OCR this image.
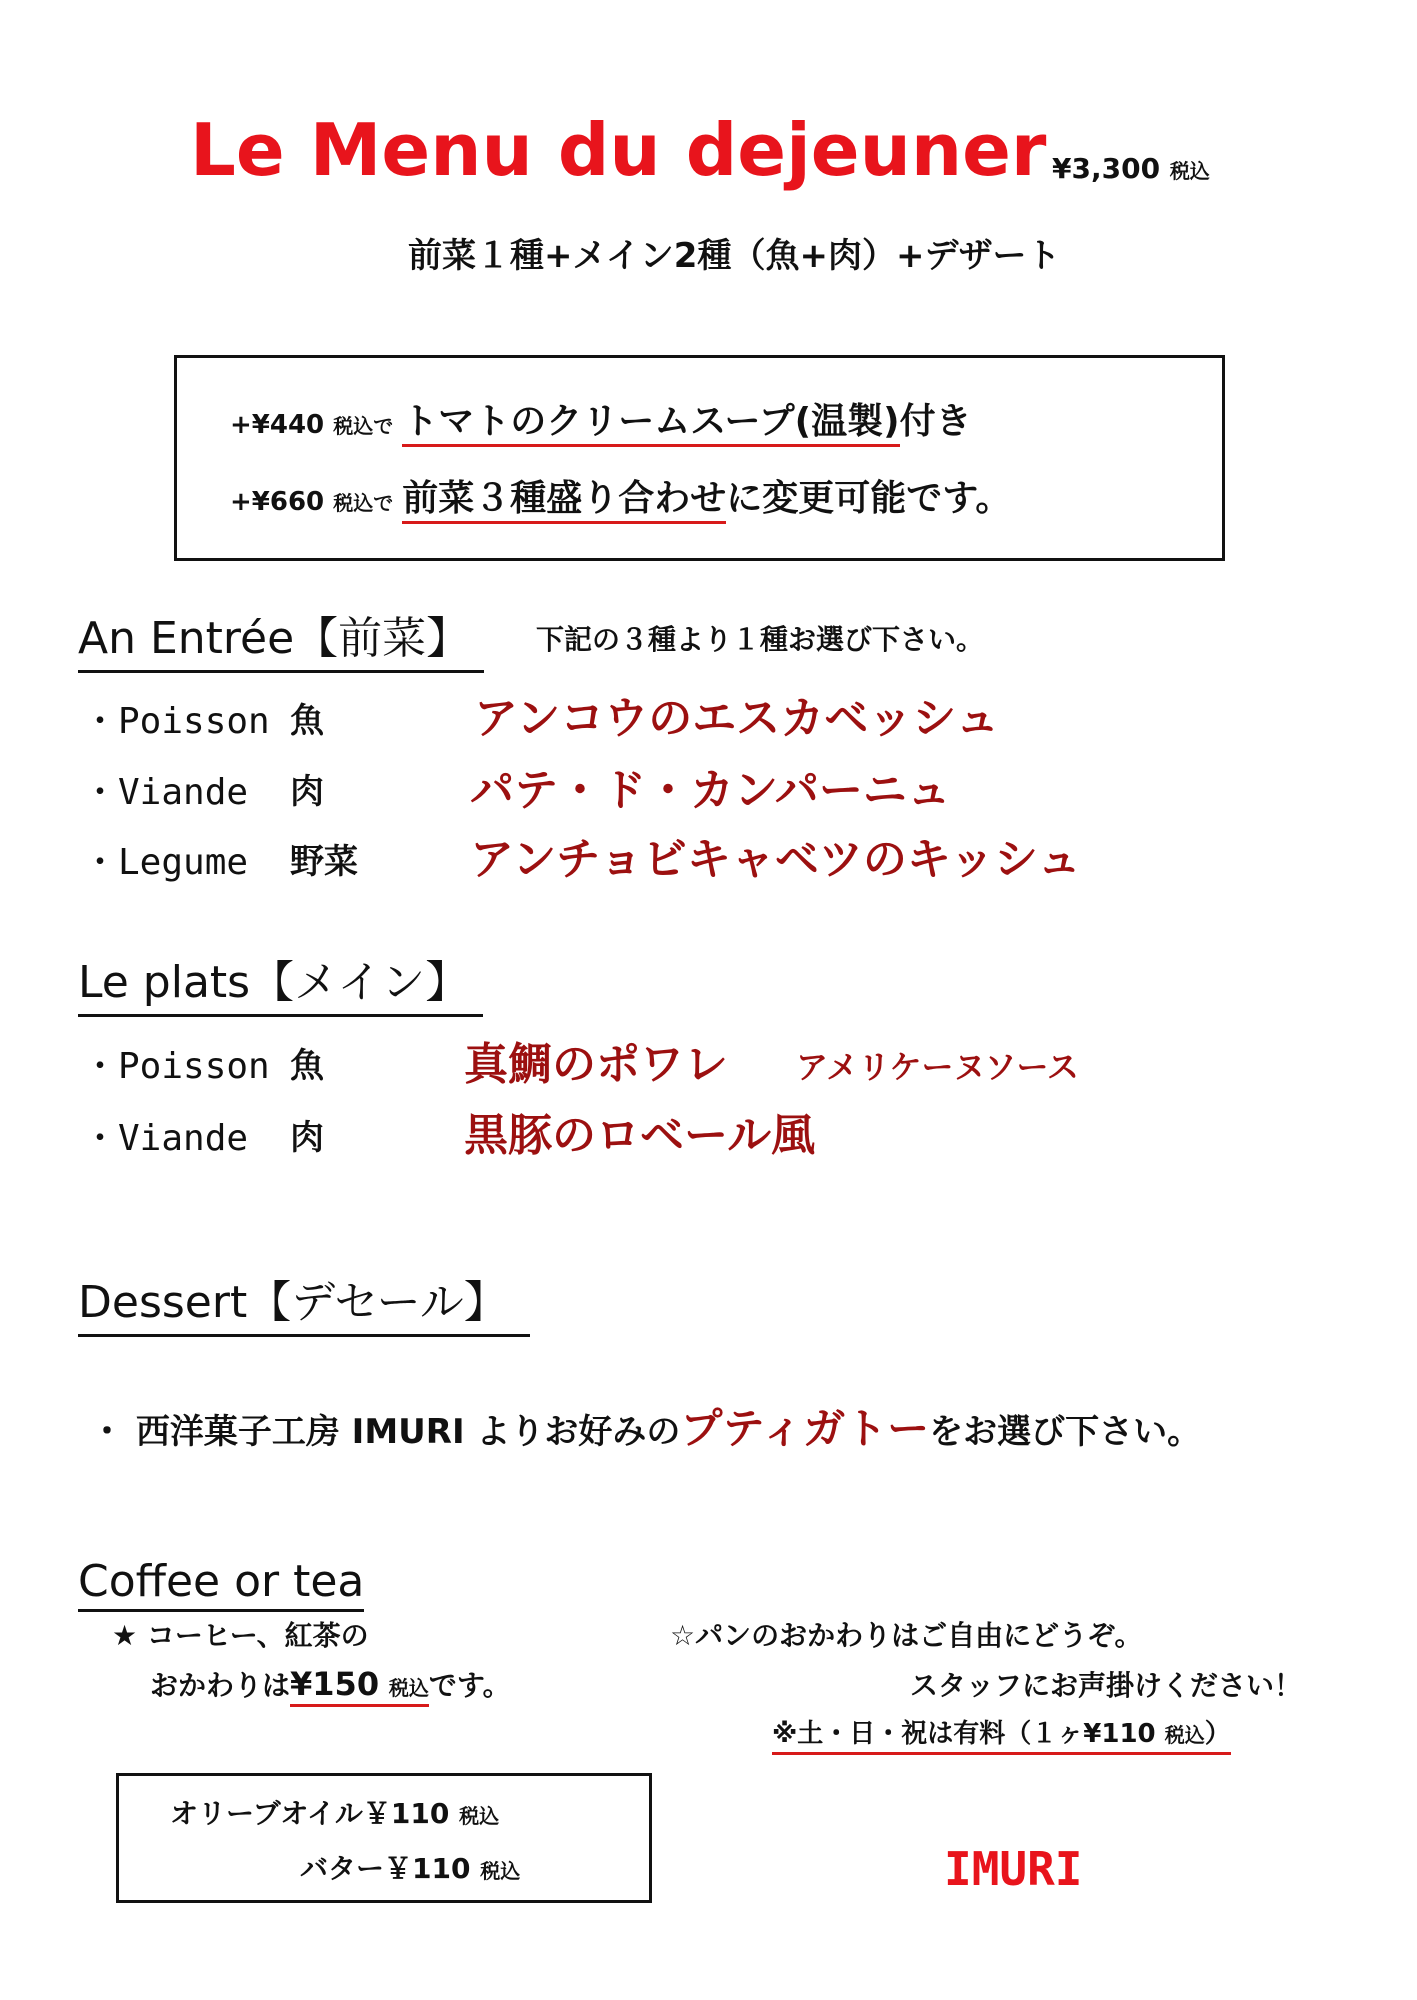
Le Menu du dejeuner ¥3,300 税込
前菜１種+メイン2種（魚+肉）+デザート
+¥440 税込で トマトのクリームスープ(温製)付き
+¥660 税込で 前菜３種盛り合わせに変更可能です。
An Entrée【前菜】	下記の３種より１種お選び下さい。
・Poisson 魚	アンコウのエスカベッシュ
・Viande 肉	パテ・ド・カンパーニュ
・Legume 野菜	アンチョビキャベツのキッシュ
Le plats【メイン】
・Poisson 魚	真鯛のポワレ アメリケーヌソース
・Viande 肉	黒豚のロベール風
Dessert【デセール】
・ 西洋菓子工房 IMURI よりお好みのプティガトーをお選び下さい。
Coffee or tea
★ コーヒー、紅茶の
おかわりは¥150 税込です。
☆パンのおかわりはご自由にどうぞ。
スタッフにお声掛けください！
※土・日・祝は有料（１ヶ¥110 税込）
オリーブオイル￥110 税込
バター￥110 税込	IMURI
